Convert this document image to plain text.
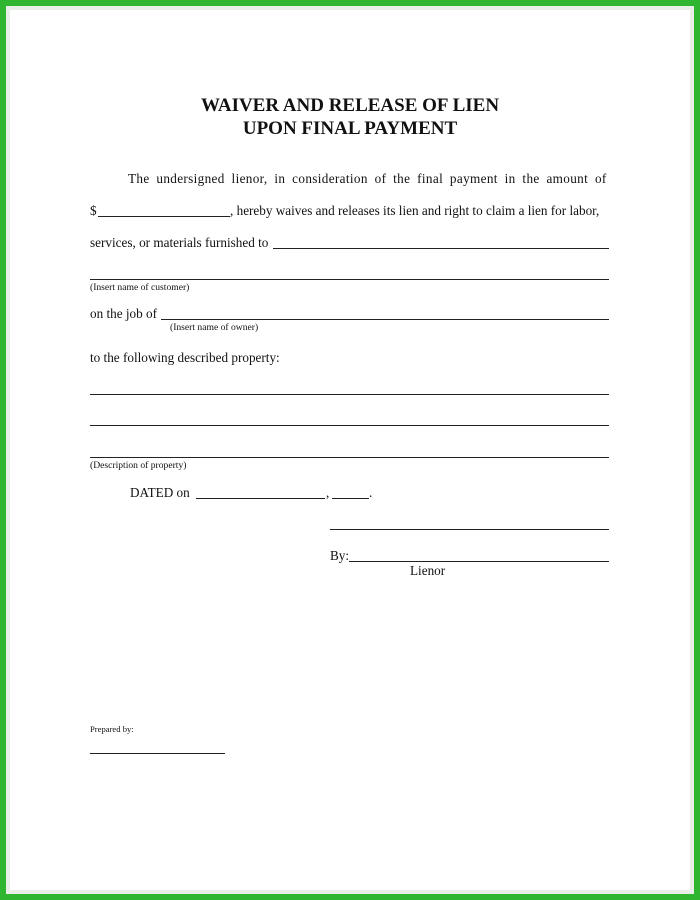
WAIVER AND RELEASE OF LIEN
UPON FINAL PAYMENT
The undersigned lienor, in consideration of the final payment in the amount of
$	, hereby waives and releases its lien and right to claim a lien for labor,
services, or materials furnished to
(Insert name of customer)
on the job of
(Insert name of owner)
to the following described property:
(Description of property)
DATED on	,	.
By:
Lienor
Prepared by:
